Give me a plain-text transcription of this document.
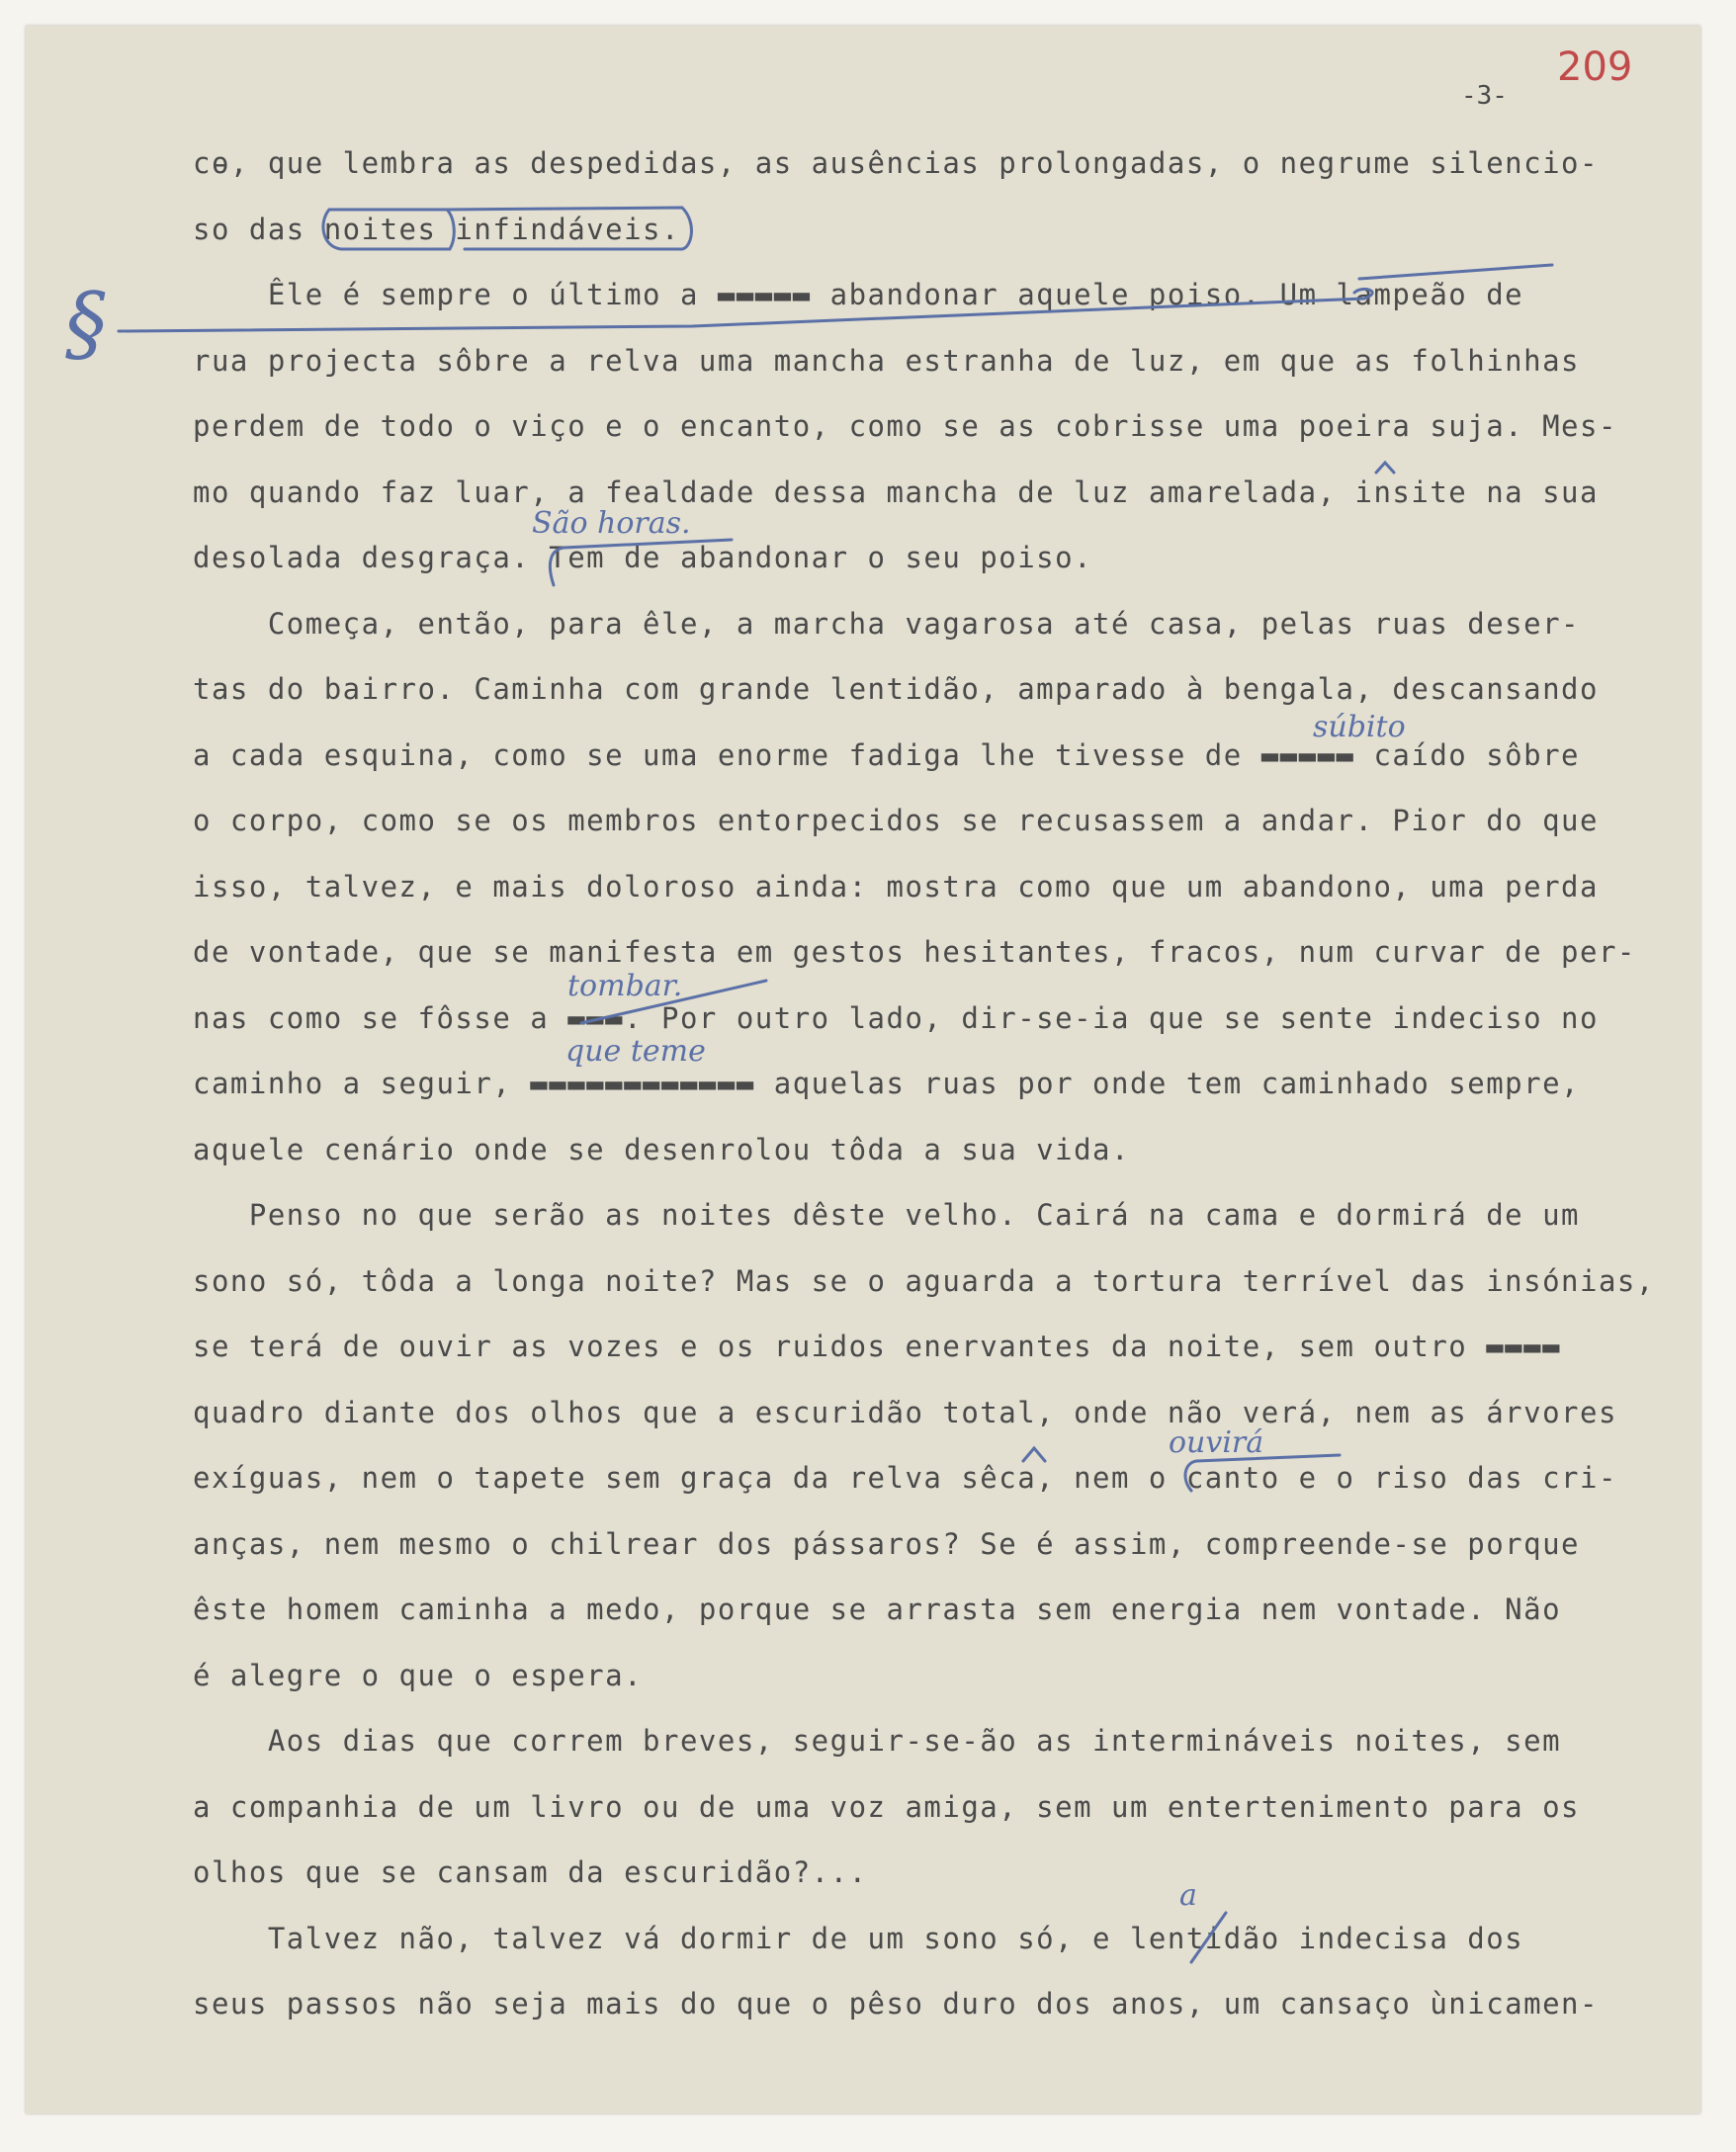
209
-3-
cɵ, que lembra as despedidas, as ausências prolongadas, o negrume silencio-
so das noites infindáveis.
Êle é sempre o último a ▬▬▬▬▬ abandonar aquele poiso. Um lampeão de
rua projecta sôbre a relva uma mancha estranha de luz, em que as folhinhas
perdem de todo o viço e o encanto, como se as cobrisse uma poeira suja. Mes-
mo quando faz luar, a fealdade dessa mancha de luz amarelada, insite na sua
desolada desgraça. Tem de abandonar o seu poiso.
Começa, então, para êle, a marcha vagarosa até casa, pelas ruas deser-
tas do bairro. Caminha com grande lentidão, amparado à bengala, descansando
a cada esquina, como se uma enorme fadiga lhe tivesse de ▬▬▬▬▬ caído sôbre
o corpo, como se os membros entorpecidos se recusassem a andar. Pior do que
isso, talvez, e mais doloroso ainda: mostra como que um abandono, uma perda
de vontade, que se manifesta em gestos hesitantes, fracos, num curvar de per-
nas como se fôsse a ▬▬▬. Por outro lado, dir-se-ia que se sente indeciso no
caminho a seguir, ▬▬▬▬▬▬▬▬▬▬▬▬ aquelas ruas por onde tem caminhado sempre,
aquele cenário onde se desenrolou tôda a sua vida.
Penso no que serão as noites dêste velho. Cairá na cama e dormirá de um
sono só, tôda a longa noite? Mas se o aguarda a tortura terrível das insónias,
se terá de ouvir as vozes e os ruidos enervantes da noite, sem outro ▬▬▬▬
quadro diante dos olhos que a escuridão total, onde não verá, nem as árvores
exíguas, nem o tapete sem graça da relva sêca, nem o canto e o riso das cri-
anças, nem mesmo o chilrear dos pássaros? Se é assim, compreende-se porque
êste homem caminha a medo, porque se arrasta sem energia nem vontade. Não
é alegre o que o espera.
Aos dias que correm breves, seguir-se-ão as intermináveis noites, sem
a companhia de um livro ou de uma voz amiga, sem um entertenimento para os
olhos que se cansam da escuridão?...
Talvez não, talvez vá dormir de um sono só, e lentidão indecisa dos
seus passos não seja mais do que o pêso duro dos anos, um cansaço ùnicamen-
§
São horas.
súbito
tombar.
que teme
ouvirá
a
